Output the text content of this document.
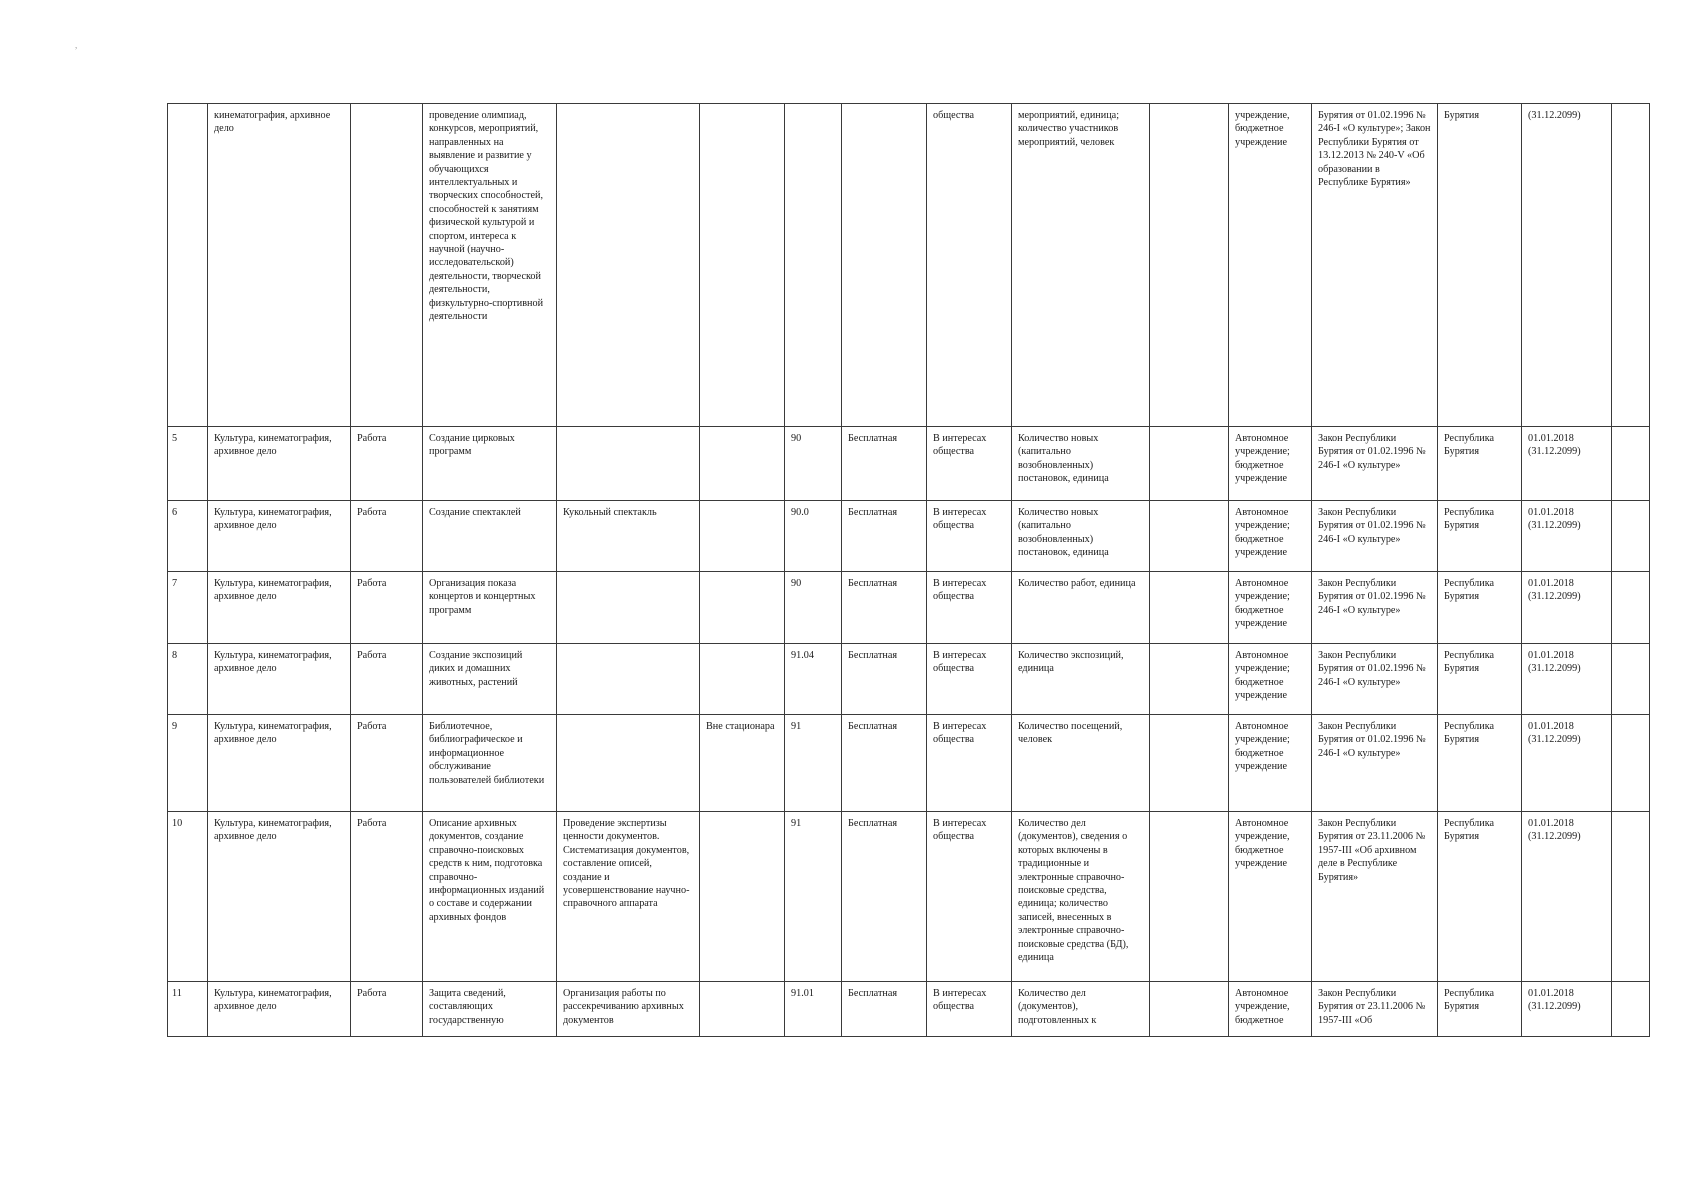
,
	кинематография, архивное дело		проведение олимпиад, конкурсов, мероприятий, направленных на выявление и развитие у обучающихся интеллектуальных и творческих способностей, способностей к занятиям физической культурой и спортом, интереса к научной (научно-исследовательской) деятельности, творческой деятельности, физкультурно-спортивной деятельности					общества	мероприятий, единица; количество участников мероприятий, человек		учреждение, бюджетное учреждение	Бурятия от 01.02.1996 № 246-I «О культуре»; Закон Республики Бурятия от 13.12.2013 № 240-V «Об образовании в Республике Бурятия»	Бурятия	(31.12.2099)	
5	Культура, кинематография, архивное дело	Работа	Создание цирковых программ			90	Бесплатная	В интересах общества	Количество новых (капитально возобновленных) постановок, единица		Автономное учреждение; бюджетное учреждение	Закон Республики Бурятия от 01.02.1996 № 246-I «О культуре»	Республика Бурятия	01.01.2018 (31.12.2099)	
6	Культура, кинематография, архивное дело	Работа	Создание спектаклей	Кукольный спектакль		90.0	Бесплатная	В интересах общества	Количество новых (капитально возобновленных) постановок, единица		Автономное учреждение; бюджетное учреждение	Закон Республики Бурятия от 01.02.1996 № 246-I «О культуре»	Республика Бурятия	01.01.2018 (31.12.2099)	
7	Культура, кинематография, архивное дело	Работа	Организация показа концертов и концертных программ			90	Бесплатная	В интересах общества	Количество работ, единица		Автономное учреждение; бюджетное учреждение	Закон Республики Бурятия от 01.02.1996 № 246-I «О культуре»	Республика Бурятия	01.01.2018 (31.12.2099)	
8	Культура, кинематография, архивное дело	Работа	Создание экспозиций диких и домашних животных, растений			91.04	Бесплатная	В интересах общества	Количество экспозиций, единица		Автономное учреждение; бюджетное учреждение	Закон Республики Бурятия от 01.02.1996 № 246-I «О культуре»	Республика Бурятия	01.01.2018 (31.12.2099)	
9	Культура, кинематография, архивное дело	Работа	Библиотечное, библиографическое и информационное обслуживание пользователей библиотеки		Вне стационара	91	Бесплатная	В интересах общества	Количество посещений, человек		Автономное учреждение; бюджетное учреждение	Закон Республики Бурятия от 01.02.1996 № 246-I «О культуре»	Республика Бурятия	01.01.2018 (31.12.2099)	
10	Культура, кинематография, архивное дело	Работа	Описание архивных документов, создание справочно-поисковых средств к ним, подготовка справочно-информационных изданий о составе и содержании архивных фондов	Проведение экспертизы ценности документов. Систематизация документов, составление описей, создание и усовершенствование научно-справочного аппарата		91	Бесплатная	В интересах общества	Количество дел (документов), сведения о которых включены в традиционные и электронные справочно-поисковые средства, единица; количество записей, внесенных в электронные справочно-поисковые средства (БД), единица		Автономное учреждение, бюджетное учреждение	Закон Республики Бурятия от 23.11.2006 № 1957-III «Об архивном деле в Республике Бурятия»	Республика Бурятия	01.01.2018 (31.12.2099)	
11	Культура, кинематография, архивное дело	Работа	Защита сведений, составляющих государственную	Организация работы по рассекречиванию архивных документов		91.01	Бесплатная	В интересах общества	Количество дел (документов), подготовленных к		Автономное учреждение, бюджетное	Закон Республики Бурятия от 23.11.2006 № 1957-III «Об	Республика Бурятия	01.01.2018 (31.12.2099)	
